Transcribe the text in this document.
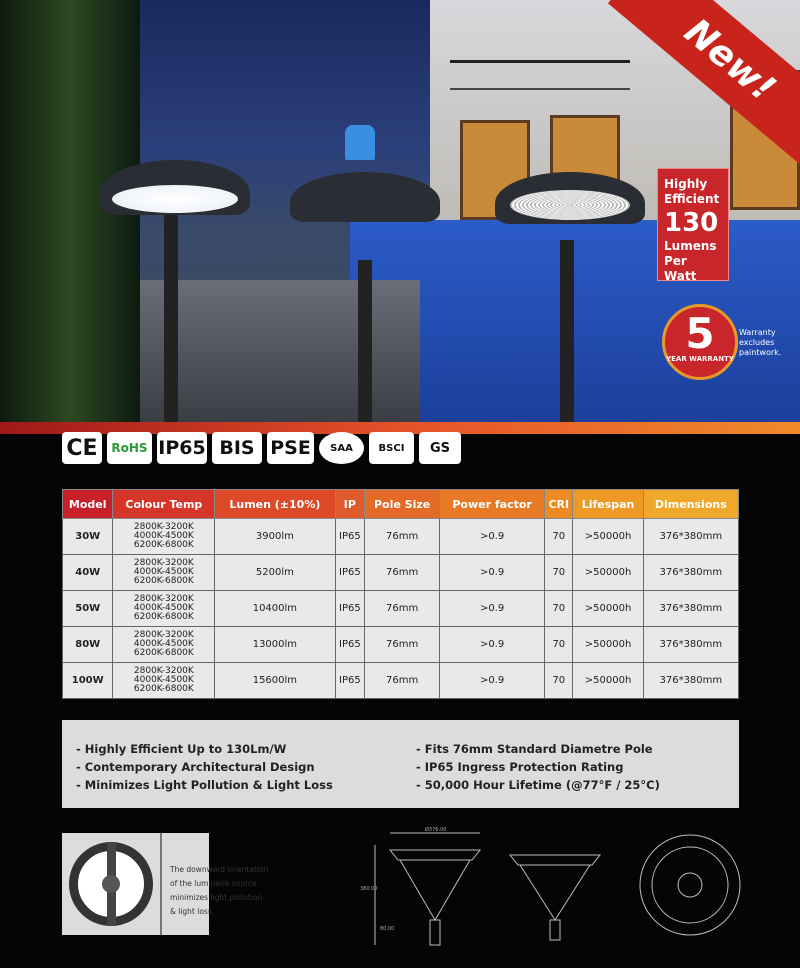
New!
Highly
Efficient
130
Lumens
Per Watt
5
YEAR WARRANTY
Warranty
excludes
paintwork.
CE	RoHS IP65 BIS PSE	SAA	BSCI	GS
Model	Colour Temp	Lumen (±10%)	IP	Pole Size	Power factor	CRI	Lifespan	Dimensions
30W	2800K-3200K
4000K-4500K
6200K-6800K	3900lm	IP65	76mm	>0.9	70	>50000h	376*380mm
40W	2800K-3200K
4000K-4500K
6200K-6800K	5200lm	IP65	76mm	>0.9	70	>50000h	376*380mm
50W	2800K-3200K
4000K-4500K
6200K-6800K	10400lm	IP65	76mm	>0.9	70	>50000h	376*380mm
80W	2800K-3200K
4000K-4500K
6200K-6800K	13000lm	IP65	76mm	>0.9	70	>50000h	376*380mm
100W	2800K-3200K
4000K-4500K
6200K-6800K	15600lm	IP65	76mm	>0.9	70	>50000h	376*380mm
- Highly Efficient Up to 130Lm/W	- Fits 76mm Standard Diametre Pole
- Contemporary Architectural Design	- IP65 Ingress Protection Rating
- Minimizes Light Pollution & Light Loss	- 50,000 Hour Lifetime (@77°F / 25°C)
The downward orientation of the luminaire source minimizes light pollution & light loss.
Ø376.00
380.00
80.00
